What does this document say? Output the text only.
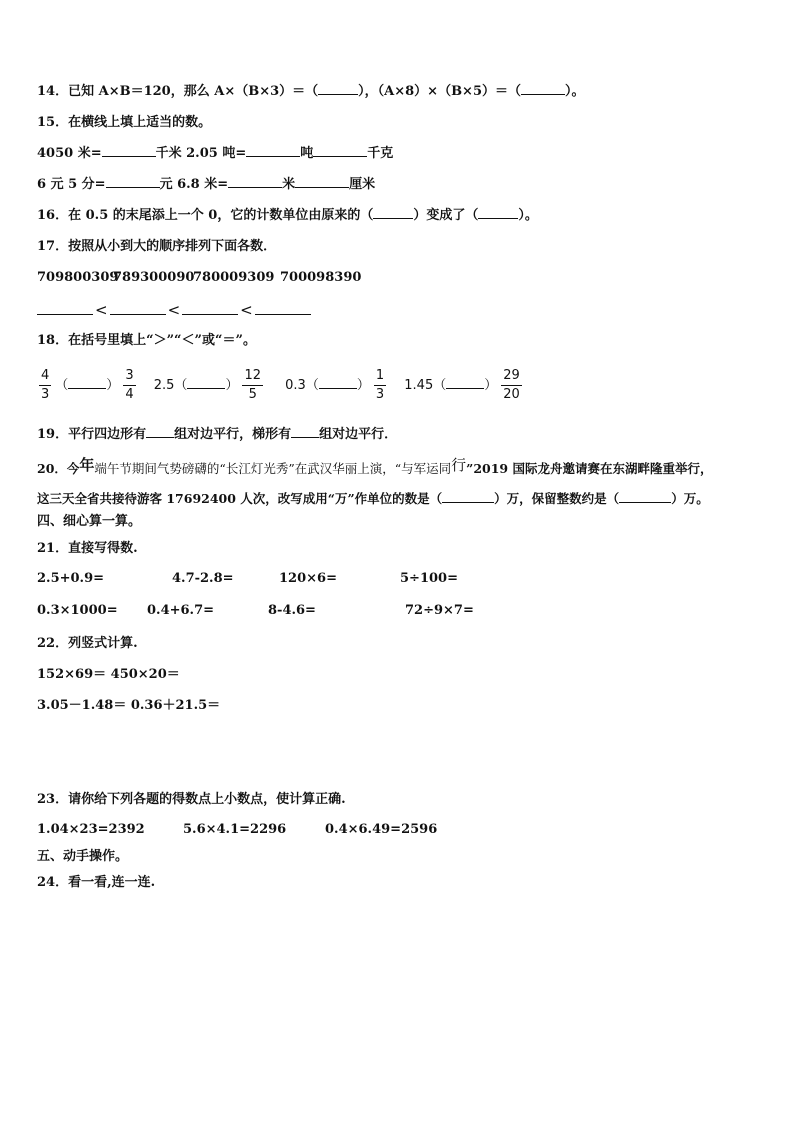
14．已知 A×B＝120，那么 A×（B×3）＝（	），（A×8）×（B×5）＝（	）。
15．在横线上填上适当的数。
4050 米=	千米 2.05 吨=	吨	千克
6 元 5 分=	元 6.8 米=	米	厘米
16．在 0.5 的末尾添上一个 0，它的计数单位由原来的（	）变成了（	）。
17．按照从小到大的顺序排列下面各数．
709800309
789300090
780009309 700098390
<	<	<
18．在括号里填上“＞”“＜”或“＝”。
$\frac{4}{3}$ （	） $\frac{3}{4} 2.5$（	） $\frac{12}{5} 0.3$（	） $\frac{1}{3} 1.45$（	） $\frac{29}{20}$
19．平行四边形有 组对边平行，梯形有 组对边平行．
20．今年端午节期间气势磅礴的“长江灯光秀”在武汉华丽上演，“与军运同行”2019 国际龙舟邀请赛在东湖畔隆重举行，
这三天全省共接待游客 17692400 人次，改写成用“万”作单位的数是（	）万，保留整数约是（	）万。
四、细心算一算。
21．直接写得数.
2.5+0.9=	4.7-2.8=	120×6=	5÷100=
0.3×1000= 0.4+6.7=	8-4.6=	72÷9×7=
22．列竖式计算.
152×69＝ 450×20＝
3.05－1.48＝ 0.36＋21.5＝
23．请你给下列各题的得数点上小数点，使计算正确.
1.04×23=2392	5.6×4.1=2296	0.4×6.49=2596
五、动手操作。
24．看一看,连一连.
